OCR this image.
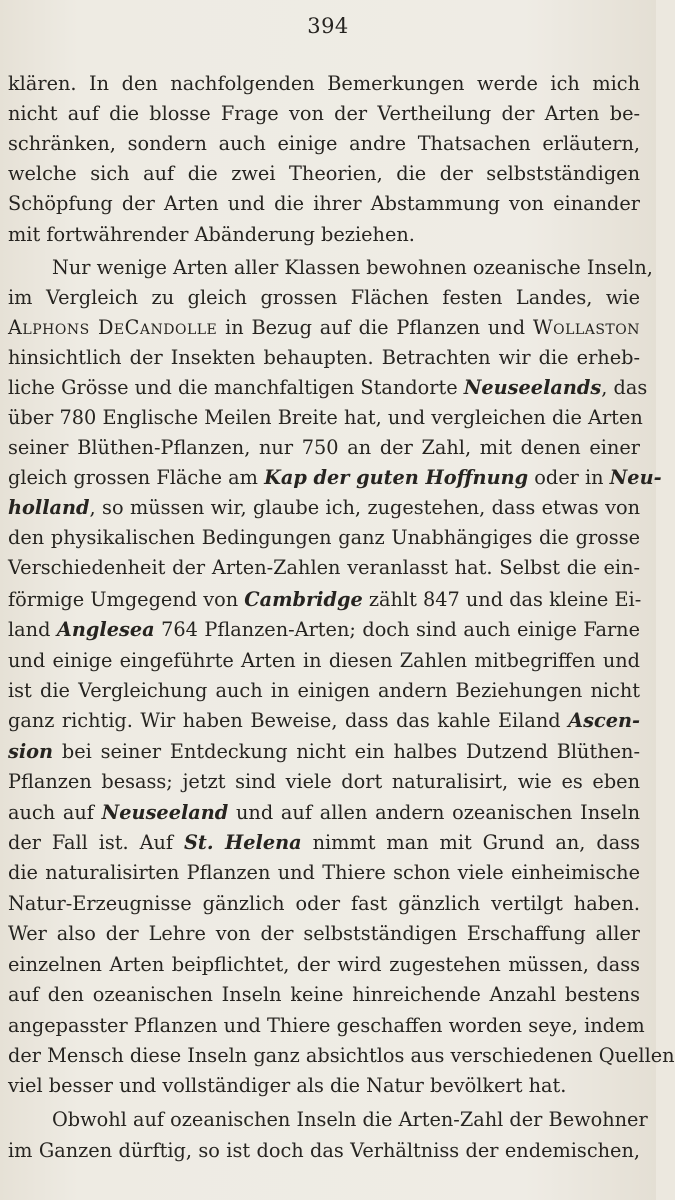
394
klären. In den nachfolgenden Bemerkungen werde ich mich
nicht auf die blosse Frage von der Vertheilung der Arten be-
schränken, sondern auch einige andre Thatsachen erläutern,
welche sich auf die zwei Theorien, die der selbstständigen
Schöpfung der Arten und die ihrer Abstammung von einander
mit fortwährender Abänderung beziehen.
Nur wenige Arten aller Klassen bewohnen ozeanische Inseln,
im Vergleich zu gleich grossen Flächen festen Landes, wie
Alphons DeCandolle in Bezug auf die Pflanzen und Wollaston
hinsichtlich der Insekten behaupten. Betrachten wir die erheb-
liche Grösse und die manchfaltigen Standorte Neuseelands, das
über 780 Englische Meilen Breite hat, und vergleichen die Arten
seiner Blüthen-Pflanzen, nur 750 an der Zahl, mit denen einer
gleich grossen Fläche am Kap der guten Hoffnung oder in Neu-
holland, so müssen wir, glaube ich, zugestehen, dass etwas von
den physikalischen Bedingungen ganz Unabhängiges die grosse
Verschiedenheit der Arten-Zahlen veranlasst hat. Selbst die ein-
förmige Umgegend von Cambridge zählt 847 und das kleine Ei-
land Anglesea 764 Pflanzen-Arten; doch sind auch einige Farne
und einige eingeführte Arten in diesen Zahlen mitbegriffen und
ist die Vergleichung auch in einigen andern Beziehungen nicht
ganz richtig. Wir haben Beweise, dass das kahle Eiland Ascen-
sion bei seiner Entdeckung nicht ein halbes Dutzend Blüthen-
Pflanzen besass; jetzt sind viele dort naturalisirt, wie es eben
auch auf Neuseeland und auf allen andern ozeanischen Inseln
der Fall ist. Auf St. Helena nimmt man mit Grund an, dass
die naturalisirten Pflanzen und Thiere schon viele einheimische
Natur-Erzeugnisse gänzlich oder fast gänzlich vertilgt haben.
Wer also der Lehre von der selbstständigen Erschaffung aller
einzelnen Arten beipflichtet, der wird zugestehen müssen, dass
auf den ozeanischen Inseln keine hinreichende Anzahl bestens
angepasster Pflanzen und Thiere geschaffen worden seye, indem
der Mensch diese Inseln ganz absichtlos aus verschiedenen Quellen
viel besser und vollständiger als die Natur bevölkert hat.
Obwohl auf ozeanischen Inseln die Arten-Zahl der Bewohner
im Ganzen dürftig, so ist doch das Verhältniss der endemischen,
